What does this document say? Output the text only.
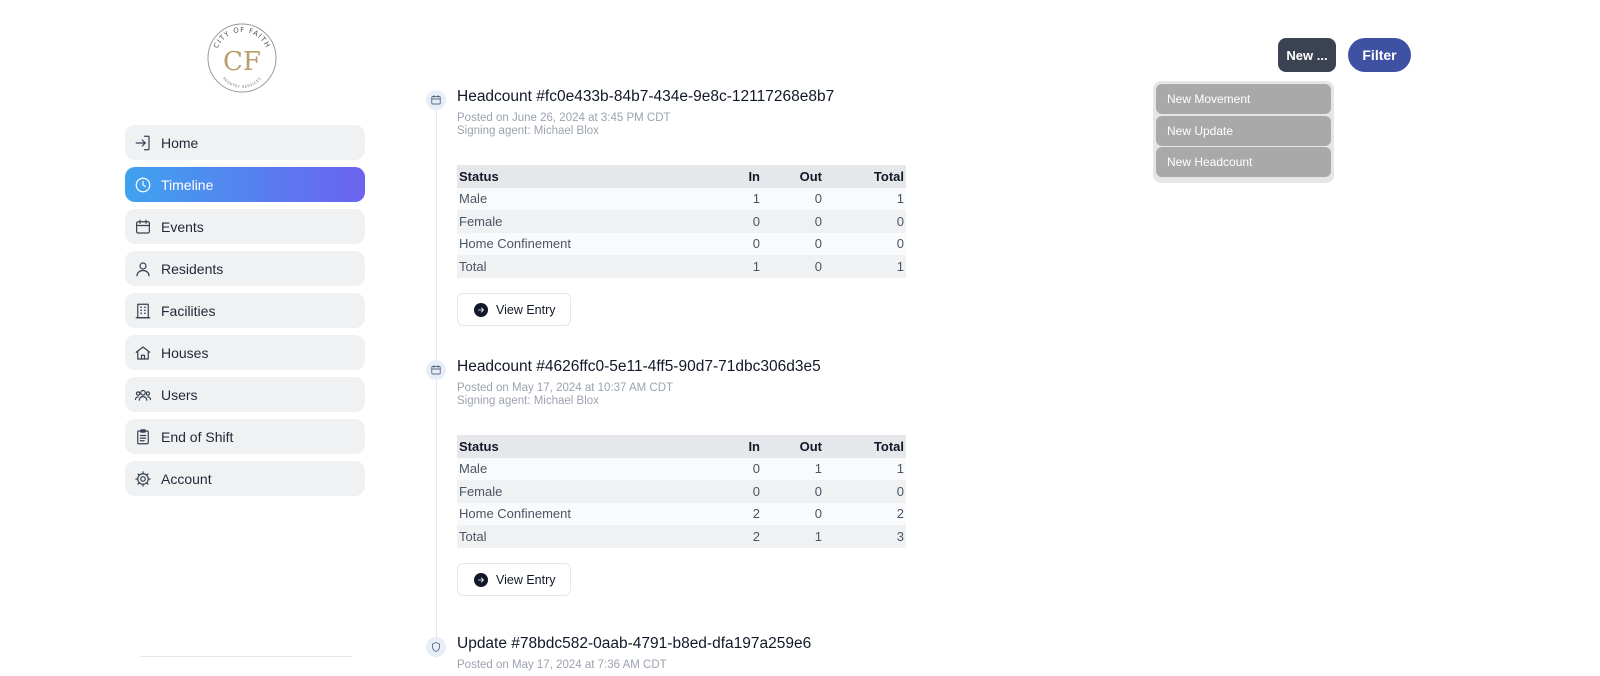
CITY OF FAITH
REENTRY SERVICES
CF
Home
Timeline
Events
Residents
Facilities
Houses
Users
End of Shift
Account
Headcount #fc0e433b-84b7-434e-9e8c-12117268e8b7
Posted on June 26, 2024 at 3:45 PM CDT
Signing agent: Michael Blox
Status	In	Out	Total
Male	1	0	1
Female	0	0	0
Home Confinement	0	0	0
Total	1	0	1
View Entry
Headcount #4626ffc0-5e11-4ff5-90d7-71dbc306d3e5
Posted on May 17, 2024 at 10:37 AM CDT
Signing agent: Michael Blox
Status	In	Out	Total
Male	0	1	1
Female	0	0	0
Home Confinement	2	0	2
Total	2	1	3
View Entry
Update #78bdc582-0aab-4791-b8ed-dfa197a259e6
Posted on May 17, 2024 at 7:36 AM CDT
New ...	Filter
New Movement
New Update
New Headcount
